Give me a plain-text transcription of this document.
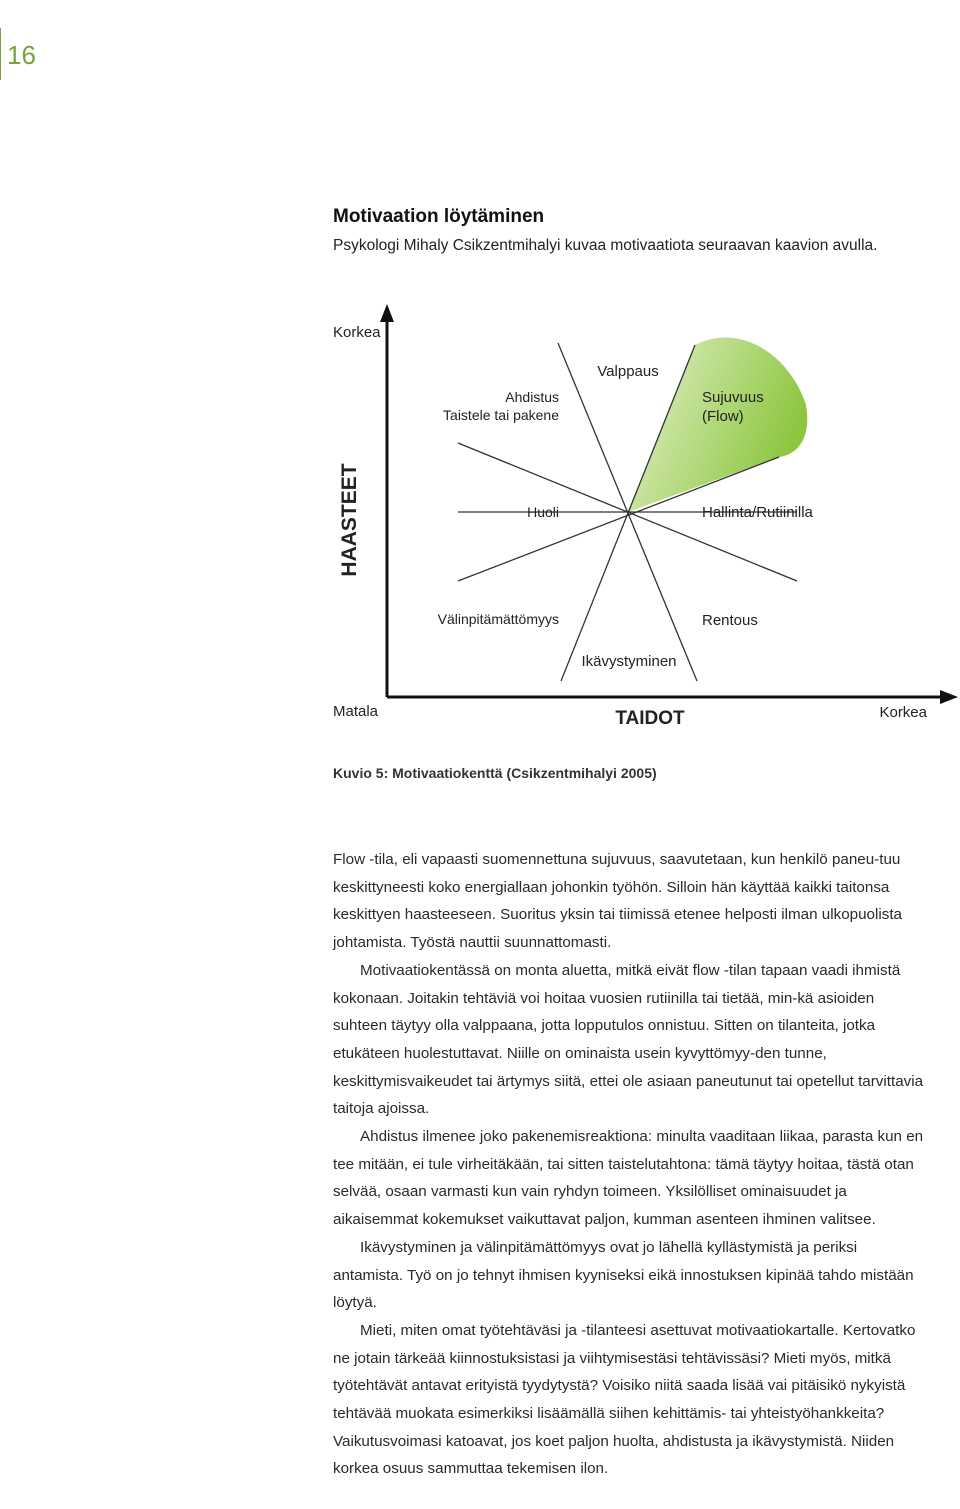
16
Motivaation löytäminen
Psykologi Mihaly Csikzentmihalyi kuvaa motivaatiota seuraavan kaavion avulla.
Korkea
HAASTEET
Matala	TAIDOT	Korkea
Valppaus
Ahdistus
Taistele tai pakene
Sujuvuus
(Flow)
Huoli	Hallinta/Rutiinilla
Välinpitämättömyys	Rentous
Ikävystyminen
Kuvio 5: Motivaatiokenttä (Csikzentmihalyi 2005)

Flow -tila, eli vapaasti suomennettuna sujuvuus, saavutetaan, kun henkilö paneu-tuu keskittyneesti koko energiallaan johonkin työhön. Silloin hän käyttää kaikki taitonsa keskittyen haasteeseen. Suoritus yksin tai tiimissä etenee helposti ilman ulkopuolista johtamista. Työstä nauttii suunnattomasti.

Motivaatiokentässä on monta aluetta, mitkä eivät flow -tilan tapaan vaadi ihmistä kokonaan. Joitakin tehtäviä voi hoitaa vuosien rutiinilla tai tietää, min-kä asioiden suhteen täytyy olla valppaana, jotta lopputulos onnistuu. Sitten on tilanteita, jotka etukäteen huolestuttavat. Niille on ominaista usein kyvyttömyy-den tunne, keskittymisvaikeudet tai ärtymys siitä, ettei ole asiaan paneutunut tai opetellut tarvittavia taitoja ajoissa.

Ahdistus ilmenee joko pakenemisreaktiona: minulta vaaditaan liikaa, parasta kun en tee mitään, ei tule virheitäkään, tai sitten taistelutahtona: tämä täytyy hoitaa, tästä otan selvää, osaan varmasti kun vain ryhdyn toimeen. Yksilölliset ominaisuudet ja aikaisemmat kokemukset vaikuttavat paljon, kumman asenteen ihminen valitsee.

Ikävystyminen ja välinpitämättömyys ovat jo lähellä kyllästymistä ja periksi antamista. Työ on jo tehnyt ihmisen kyyniseksi eikä innostuksen kipinää tahdo mistään löytyä.

Mieti, miten omat työtehtäväsi ja -tilanteesi asettuvat motivaatiokartalle. Kertovatko ne jotain tärkeää kiinnostuksistasi ja viihtymisestäsi tehtävissäsi? Mieti myös, mitkä työtehtävät antavat erityistä tyydytystä? Voisiko niitä saada lisää vai pitäisikö nykyistä tehtävää muokata esimerkiksi lisäämällä siihen kehittämis- tai yhteistyöhankkeita? Vaikutusvoimasi katoavat, jos koet paljon huolta, ahdistusta ja ikävystymistä. Niiden korkea osuus sammuttaa tekemisen ilon.
